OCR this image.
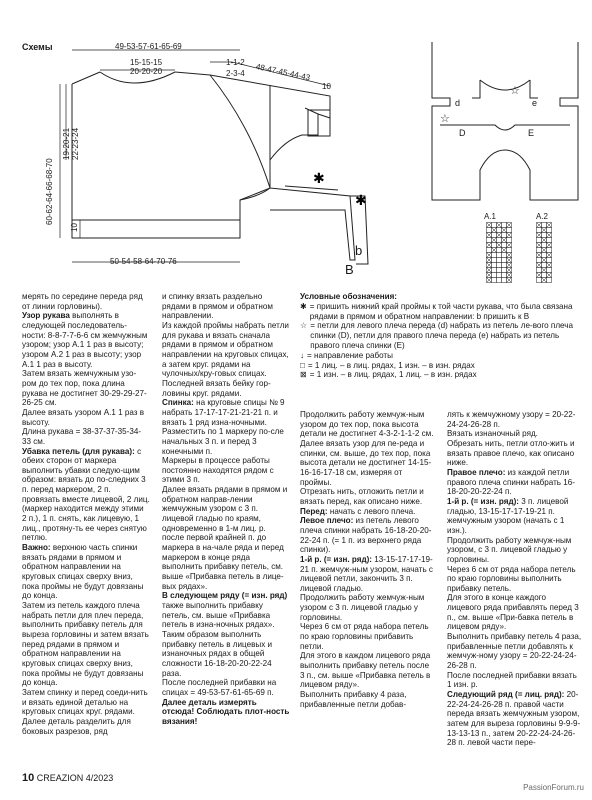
Схемы
✱
✱
49-53-57-61-65-69
15-15-15
20-20-20
1-1-2
2-3-4 48-47-45-44-43
10
19-20-21 22-23-24
60-62-64-66-68-70
10
50-54-58-64-70-76
b
B
d	e
D	E
☆
☆
A.1	A.2

мерять по середине переда ряд от линии горловины).

Узор рукава выполнять в следующей последователь-ности: 8-8-7-7-6-6 см жемчужным узором; узор А.1 1 раз в высоту; узором А.2 1 раз в высоту; узор А.1 1 раз в высоту.

Затем вязать жемчужным узо-ром до тех пор, пока длина рукава не достигнет 30-29-29-27-26-25 см.

Далее вязать узором А.1 1 раз в высоту.

Длина рукава = 38-37-37-35-34-33 см.

Убавка петель (для рукава): с обеих сторон от маркера выполнить убавки следую-щим образом: вязать до по-следних 3 п. перед маркером, 2 п. провязать вместе лицевой, 2 лиц. (маркер находится между этими 2 п.), 1 п. снять, как лицевую, 1 лиц., протяну-ть ее через снятую петлю.

Важно: верхнюю часть спинки вязать рядами в прямом и обратном направлении на круговых спицах сверху вниз, пока проймы не будут довязаны до конца.

Затем из петель каждого плеча набрать петли для плеч переда, выполнить прибавку петель для выреза горловины и затем вязать перед рядами в прямом и обратном направлении на круговых спицах сверху вниз, пока проймы не будут довязаны до конца.

Затем спинку и перед соеди-нить и вязать единой деталью на круговых спицах круг. рядами.

Далее деталь разделить для боковых разрезов, ряд

и спинку вязать раздельно рядами в прямом и обратном направлении.

Из каждой проймы набрать петли для рукава и вязать сначала рядами в прямом и обратном направлении на круговых спицах, а затем круг. рядами на чулочных/кру-говых спицах.

Последней вязать бейку гор-ловины круг. рядами.

Спинка: на круговые спицы № 9 набрать 17-17-17-21-21-21 п. и вязать 1 ряд изна-ночными.

Разместить по 1 маркеру по-сле начальных 3 п. и перед 3 конечными п.

Маркеры в процессе работы постоянно находятся рядом с этими 3 п.

Далее вязать рядами в прямом и обратном направ-лении жемчужным узором с 3 п. лицевой гладью по краям, одновременно в 1-м лиц. р. после первой крайней п. до маркера в на-чале ряда и перед маркером в конце ряда выполнить прибавку петель, см. выше «Прибавка петель в лице-вых рядах».

В следующем ряду (= изн. ряд) также выполнить прибавку петель, см. выше «Прибавка петель в изна-ночных рядах».

Таким образом выполнить прибавку петель в лицевых и изнаночных рядах в общей сложности 16-18-20-20-22-24 раза.

После последней прибавки на спицах = 49-53-57-61-65-69 п.

Далее деталь измерять отсюда! Соблюдать плот-ность вязания!

Условные обозначения:
✱ = пришить нижний край проймы к той части рукава, что была связана рядами в прямом и обратном направлении: b пришить к B
☆ = петли для левого плеча переда (d) набрать из петель ле-вого плеча спинки (D), петли для правого плеча переда (e) набрать из петель правого плеча спинки (E)
↓ = направление работы
□ = 1 лиц. – в лиц. рядах, 1 изн. – в изн. рядах
⊠ = 1 изн. – в лиц. рядах, 1 лиц. – в изн. рядах

Продолжить работу жемчуж-ным узором до тех пор, пока высота детали не достигнет 4-3-2-1-1-2 см.

Далее вязать узор для пе-реда и спинки, см. выше, до тех пор, пока высота детали не достигнет 14-15-16-16-17-18 см, измеряя от проймы.

Отрезать нить, отложить петли и вязать перед, как описано ниже.

Перед: начать с левого плеча.

Левое плечо: из петель левого плеча спинки набрать 16-18-20-20-22-24 п. (= 1 п. из верхнего ряда спинки).

1-й р. (= изн. ряд): 13-15-17-17-19-21 п. жемчуж-ным узором, начать с лицевой петли, закончить 3 п. лицевой гладью.

Продолжить работу жемчуж-ным узором с 3 п. лицевой гладью у горловины.

Через 6 см от ряда набора петель по краю горловины прибавить петли.

Для этого в каждом лицевого ряда выполнить прибавку петель после 3 п., см. выше «Прибавка петель в лицевом ряду».

Выполнить прибавку 4 раза, прибавленные петли добав-

лять к жемчужному узору = 20-22-24-24-26-28 п.

Вязать изнаночный ряд.

Обрезать нить, петли отло-жить и вязать правое плечо, как описано ниже.

Правое плечо: из каждой петли правого плеча спинки набрать 16-18-20-20-22-24 п.

1-й р. (= изн. ряд): 3 п. лицевой гладью, 13-15-17-17-19-21 п. жемчужным узором (начать с 1 изн.).

Продолжить работу жемчуж-ным узором, с 3 п. лицевой гладью у горловины.

Через 6 см от ряда набора петель по краю горловины выполнить прибавку петель.

Для этого в конце каждого лицевого ряда прибавлять перед 3 п., см. выше «При-бавка петель в лицевом ряду».

Выполнить прибавку петель 4 раза, прибавленные петли добавлять к жемчуж-ному узору = 20-22-24-24-26-28 п.

После последней прибавки вязать 1 изн. р.

Следующий ряд (= лиц. ряд): 20-22-24-24-26-28 п. правой части переда вязать жемчужным узором, затем для выреза горловины 9-9-9-13-13-13 п., затем 20-22-24-24-26-28 п. левой части пере-

10 CREAZION 4/2023
PassionForum.ru
